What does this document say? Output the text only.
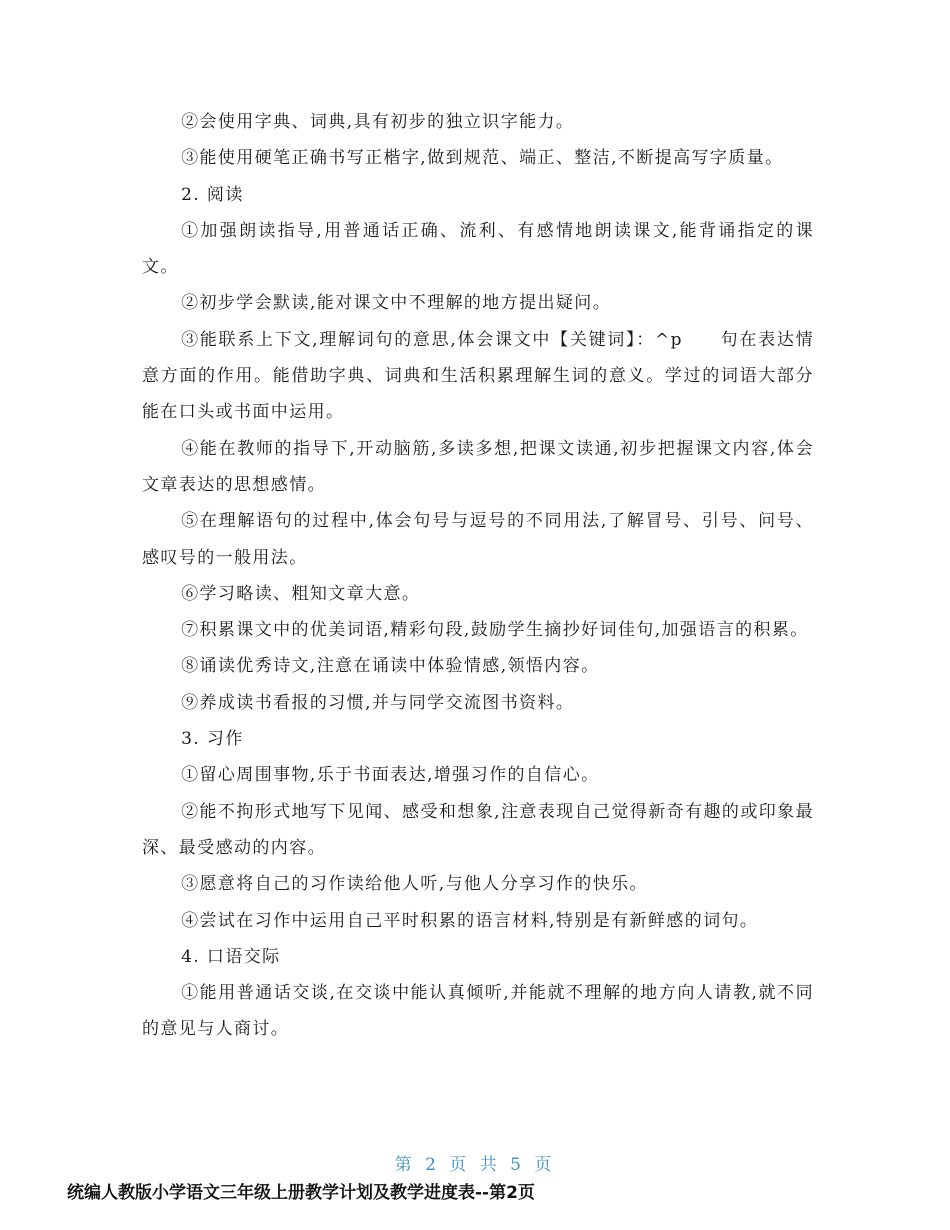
②会使用字典、词典,具有初步的独立识字能力。

③能使用硬笔正确书写正楷字,做到规范、端正、整洁,不断提高写字质量。

2. 阅读

①加强朗读指导,用普通话正确、流利、有感情地朗读课文,能背诵指定的课文。

②初步学会默读,能对课文中不理解的地方提出疑问。

③能联系上下文,理解词句的意思,体会课文中【关键词】：^p　　句在表达情意方面的作用。能借助字典、词典和生活积累理解生词的意义。学过的词语大部分能在口头或书面中运用。

④能在教师的指导下,开动脑筋,多读多想,把课文读通,初步把握课文内容,体会文章表达的思想感情。

⑤在理解语句的过程中,体会句号与逗号的不同用法,了解冒号、引号、问号、感叹号的一般用法。

⑥学习略读、粗知文章大意。

⑦积累课文中的优美词语,精彩句段,鼓励学生摘抄好词佳句,加强语言的积累。

⑧诵读优秀诗文,注意在诵读中体验情感,领悟内容。

⑨养成读书看报的习惯,并与同学交流图书资料。

3. 习作

①留心周围事物,乐于书面表达,增强习作的自信心。

②能不拘形式地写下见闻、感受和想象,注意表现自己觉得新奇有趣的或印象最深、最受感动的内容。

③愿意将自己的习作读给他人听,与他人分享习作的快乐。

④尝试在习作中运用自己平时积累的语言材料,特别是有新鲜感的词句。

4. 口语交际

①能用普通话交谈,在交谈中能认真倾听,并能就不理解的地方向人请教,就不同的意见与人商讨。

第 2 页 共 5 页
统编人教版小学语文三年级上册教学计划及教学进度表--第2页
